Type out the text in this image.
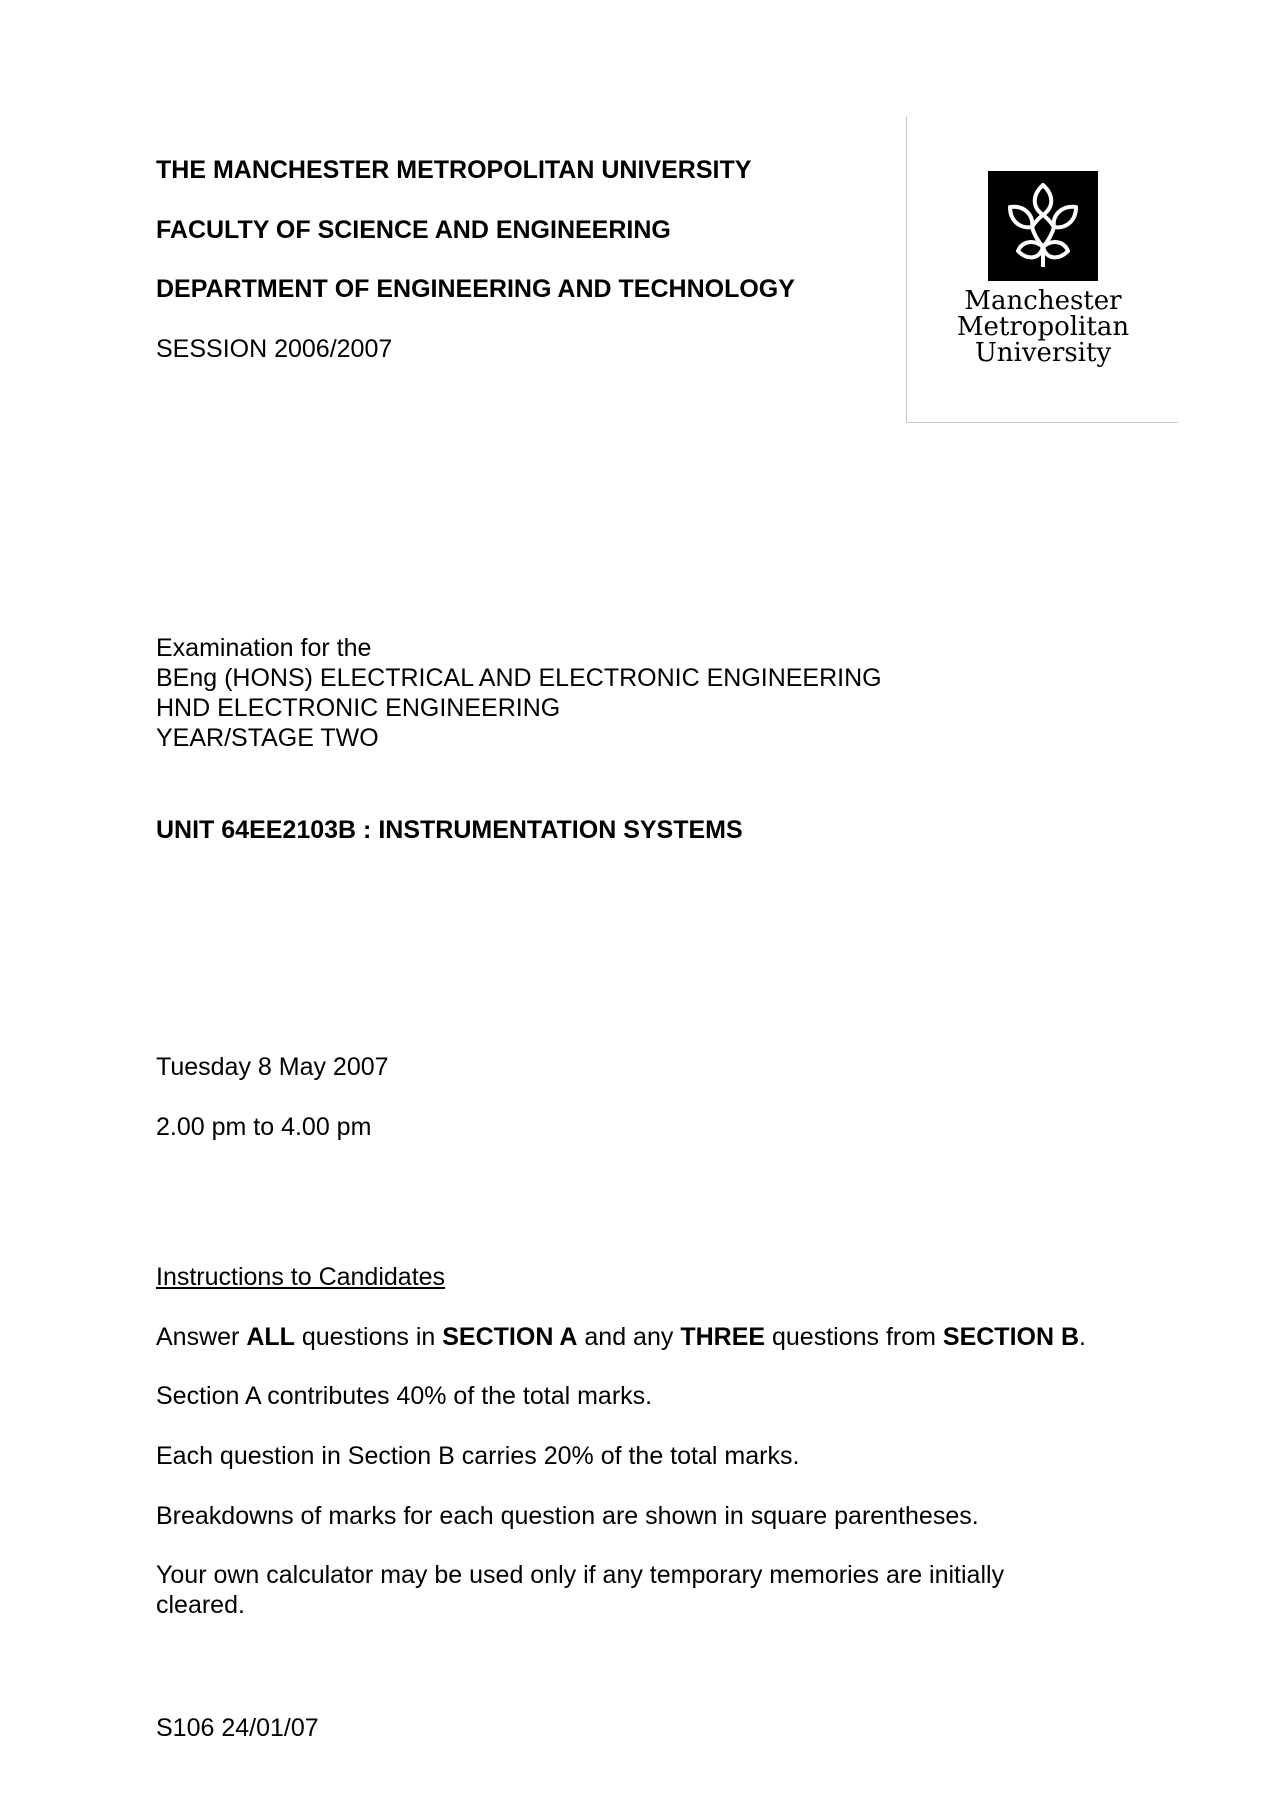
THE MANCHESTER METROPOLITAN UNIVERSITY
FACULTY OF SCIENCE AND ENGINEERING
DEPARTMENT OF ENGINEERING AND TECHNOLOGY
SESSION 2006/2007
Manchester
Metropolitan
University
Examination for the
BEng (HONS) ELECTRICAL AND ELECTRONIC ENGINEERING
HND ELECTRONIC ENGINEERING
YEAR/STAGE TWO
UNIT 64EE2103B : INSTRUMENTATION SYSTEMS
Tuesday 8 May 2007
2.00 pm to 4.00 pm
Instructions to Candidates
Answer ALL questions in SECTION A and any THREE questions from SECTION B.
Section A contributes 40% of the total marks.
Each question in Section B carries 20% of the total marks.
Breakdowns of marks for each question are shown in square parentheses.
Your own calculator may be used only if any temporary memories are initially
cleared.
S106 24/01/07
